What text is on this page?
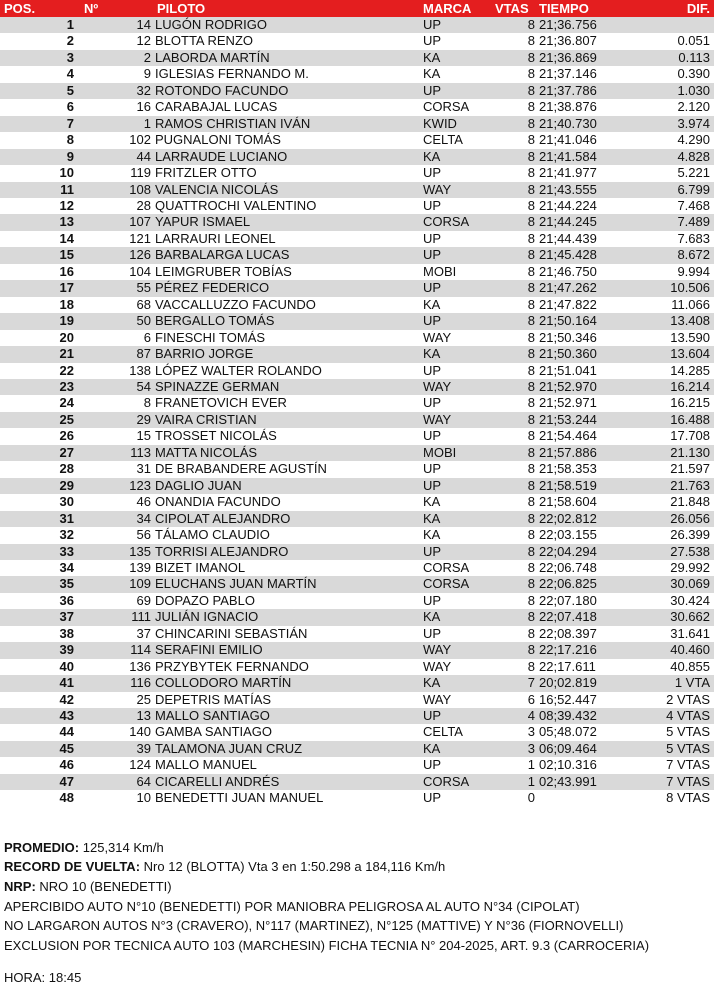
POS.	Nº	PILOTO	MARCA	VTAS	TIEMPO	DIF.
1	14	LUGÓN RODRIGO	UP	8	21;36.756	
2	12	BLOTTA RENZO	UP	8	21;36.807	0.051
3	2	LABORDA MARTÍN	KA	8	21;36.869	0.113
4	9	IGLESIAS FERNANDO M.	KA	8	21;37.146	0.390
5	32	ROTONDO FACUNDO	UP	8	21;37.786	1.030
6	16	CARABAJAL LUCAS	CORSA	8	21;38.876	2.120
7	1	RAMOS CHRISTIAN IVÁN	KWID	8	21;40.730	3.974
8	102	PUGNALONI TOMÁS	CELTA	8	21;41.046	4.290
9	44	LARRAUDE LUCIANO	KA	8	21;41.584	4.828
10	119	FRITZLER OTTO	UP	8	21;41.977	5.221
11	108	VALENCIA NICOLÁS	WAY	8	21;43.555	6.799
12	28	QUATTROCHI VALENTINO	UP	8	21;44.224	7.468
13	107	YAPUR ISMAEL	CORSA	8	21;44.245	7.489
14	121	LARRAURI LEONEL	UP	8	21;44.439	7.683
15	126	BARBALARGA LUCAS	UP	8	21;45.428	8.672
16	104	LEIMGRUBER TOBÍAS	MOBI	8	21;46.750	9.994
17	55	PÉREZ FEDERICO	UP	8	21;47.262	10.506
18	68	VACCALLUZZO FACUNDO	KA	8	21;47.822	11.066
19	50	BERGALLO TOMÁS	UP	8	21;50.164	13.408
20	6	FINESCHI TOMÁS	WAY	8	21;50.346	13.590
21	87	BARRIO JORGE	KA	8	21;50.360	13.604
22	138	LÓPEZ WALTER ROLANDO	UP	8	21;51.041	14.285
23	54	SPINAZZE GERMAN	WAY	8	21;52.970	16.214
24	8	FRANETOVICH EVER	UP	8	21;52.971	16.215
25	29	VAIRA CRISTIAN	WAY	8	21;53.244	16.488
26	15	TROSSET NICOLÁS	UP	8	21;54.464	17.708
27	113	MATTA NICOLÁS	MOBI	8	21;57.886	21.130
28	31	DE BRABANDERE AGUSTÍN	UP	8	21;58.353	21.597
29	123	DAGLIO JUAN	UP	8	21;58.519	21.763
30	46	ONANDIA FACUNDO	KA	8	21;58.604	21.848
31	34	CIPOLAT ALEJANDRO	KA	8	22;02.812	26.056
32	56	TÁLAMO CLAUDIO	KA	8	22;03.155	26.399
33	135	TORRISI ALEJANDRO	UP	8	22;04.294	27.538
34	139	BIZET IMANOL	CORSA	8	22;06.748	29.992
35	109	ELUCHANS JUAN MARTÍN	CORSA	8	22;06.825	30.069
36	69	DOPAZO PABLO	UP	8	22;07.180	30.424
37	111	JULIÁN IGNACIO	KA	8	22;07.418	30.662
38	37	CHINCARINI SEBASTIÁN	UP	8	22;08.397	31.641
39	114	SERAFINI EMILIO	WAY	8	22;17.216	40.460
40	136	PRZYBYTEK FERNANDO	WAY	8	22;17.611	40.855
41	116	COLLODORO MARTÍN	KA	7	20;02.819	1 VTA
42	25	DEPETRIS MATÍAS	WAY	6	16;52.447	2 VTAS
43	13	MALLO SANTIAGO	UP	4	08;39.432	4 VTAS
44	140	GAMBA SANTIAGO	CELTA	3	05;48.072	5 VTAS
45	39	TALAMONA JUAN CRUZ	KA	3	06;09.464	5 VTAS
46	124	MALLO MANUEL	UP	1	02;10.316	7 VTAS
47	64	CICARELLI ANDRÉS	CORSA	1	02;43.991	7 VTAS
48	10	BENEDETTI JUAN MANUEL	UP	0		8 VTAS
PROMEDIO: 125,314 Km/h
RECORD DE VUELTA: Nro 12 (BLOTTA) Vta 3 en 1:50.298 a 184,116 Km/h
NRP: NRO 10 (BENEDETTI)
APERCIBIDO AUTO N°10 (BENEDETTI) POR MANIOBRA PELIGROSA AL AUTO N°34 (CIPOLAT)
NO LARGARON AUTOS N°3 (CRAVERO), N°117 (MARTINEZ), N°125 (MATTIVE) Y N°36 (FIORNOVELLI)
EXCLUSION POR TECNICA AUTO 103 (MARCHESIN) FICHA TECNIA N° 204-2025, ART. 9.3 (CARROCERIA)
HORA: 18:45
